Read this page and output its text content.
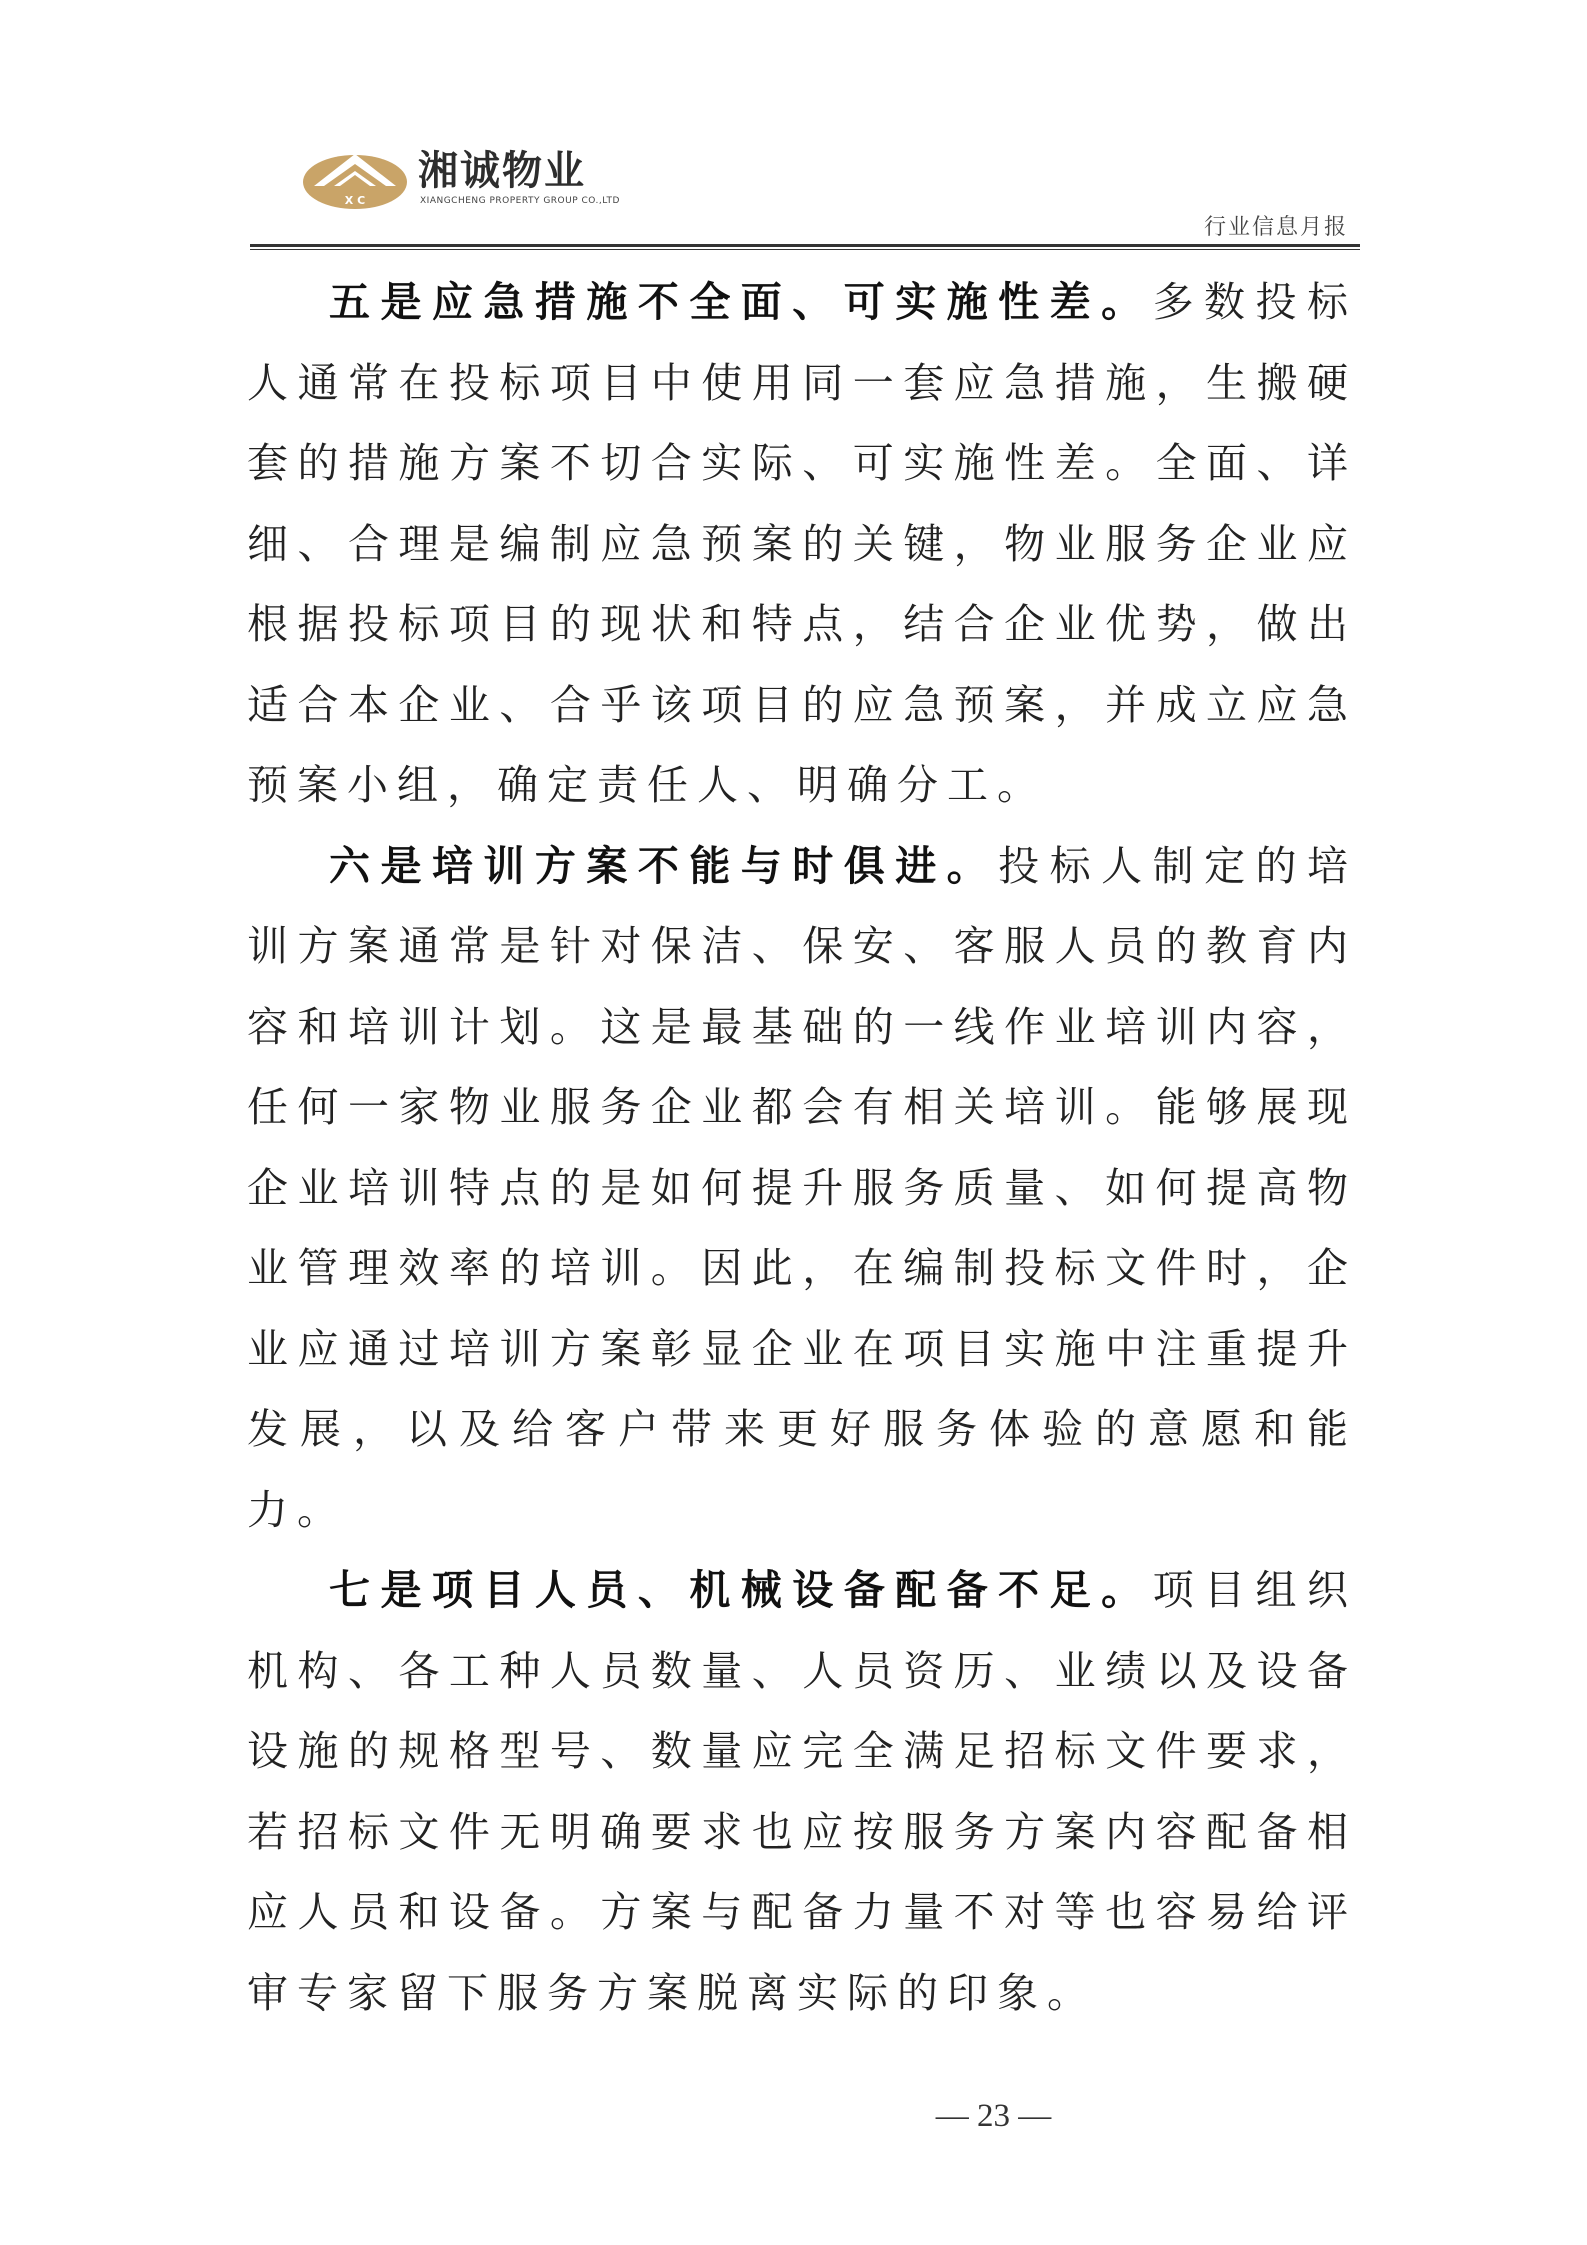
X C
湘诚物业
XIANGCHENG PROPERTY GROUP CO.,LTD
行业信息月报

五是应急措施不全面、可实施性差。多数投标人通常在投标项目中使用同一套应急措施，生搬硬套的措施方案不切合实际、可实施性差。全面、详细、合理是编制应急预案的关键，物业服务企业应根据投标项目的现状和特点，结合企业优势，做出适合本企业、合乎该项目的应急预案，并成立应急预案小组，确定责任人、明确分工。

六是培训方案不能与时俱进。投标人制定的培训方案通常是针对保洁、保安、客服人员的教育内容和培训计划。这是最基础的一线作业培训内容，任何一家物业服务企业都会有相关培训。能够展现企业培训特点的是如何提升服务质量、如何提高物业管理效率的培训。因此，在编制投标文件时，企业应通过培训方案彰显企业在项目实施中注重提升发展，以及给客户带来更好服务体验的意愿和能力。

七是项目人员、机械设备配备不足。项目组织机构、各工种人员数量、人员资历、业绩以及设备设施的规格型号、数量应完全满足招标文件要求，若招标文件无明确要求也应按服务方案内容配备相应人员和设备。方案与配备力量不对等也容易给评审专家留下服务方案脱离实际的印象。

— 23 —
